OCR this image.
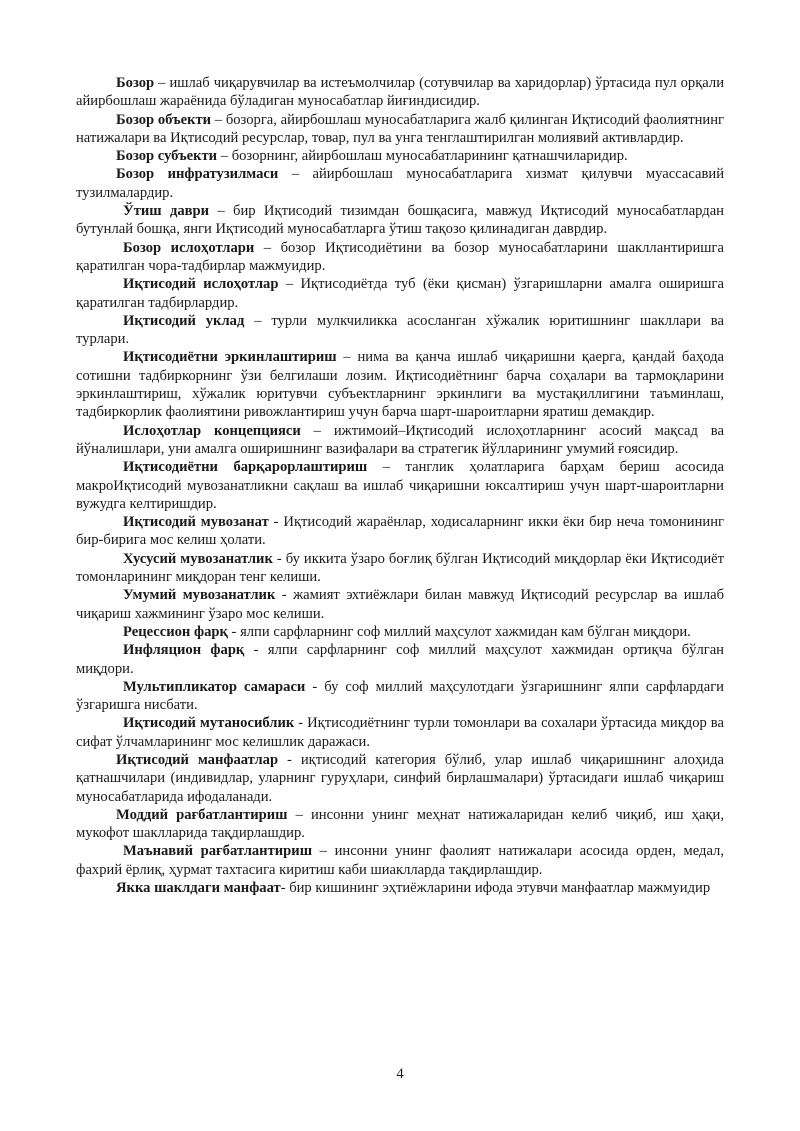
Бозор – ишлаб чиқарувчилар ва истеъмолчилар (сотувчилар ва харидорлар) ўртасида пул орқали айирбошлаш жараёнида бўладиган муносабатлар йиғиндисидир.

Бозор объекти – бозорга, айирбошлаш муносабатларига жалб қилинган Иқтисодий фаолиятнинг натижалари ва Иқтисодий ресурслар, товар, пул ва унга тенглаштирилган молиявий активлардир.

Бозор субъекти – бозорнинг, айирбошлаш муносабатларининг қатнашчиларидир.

Бозор инфратузилмаси – айирбошлаш муносабатларига хизмат қилувчи муассасавий тузилмалардир.

Ўтиш даври – бир Иқтисодий тизимдан бошқасига, мавжуд Иқтисодий муносабатлардан бутунлай бошқа, янги Иқтисодий муносабатларга ўтиш тақозо қилинадиган даврдир.

Бозор ислоҳотлари – бозор Иқтисодиётини ва бозор муносабатларини шакллантиришга қаратилган чора-тадбирлар мажмуидир.

Иқтисодий ислоҳотлар – Иқтисодиётда туб (ёки қисман) ўзгаришларни амалга оширишга қаратилган тадбирлардир.

Иқтисодий уклад – турли мулкчиликка асосланган хўжалик юритишнинг шакллари ва турлари.

Иқтисодиётни эркинлаштириш – нима ва қанча ишлаб чиқаришни қаерга, қандай баҳода сотишни тадбиркорнинг ўзи белгилаши лозим. Иқтисодиётнинг барча соҳалари ва тармоқларини эркинлаштириш, хўжалик юритувчи субъектларнинг эркинлиги ва мустақиллигини таъминлаш, тадбиркорлик фаолиятини ривожлантириш учун барча шарт-шароитларни яратиш демакдир.

Ислоҳотлар концепцияси – ижтимоий–Иқтисодий ислоҳотларнинг асосий мақсад ва йўналишлари, уни амалга оширишнинг вазифалари ва стратегик йўлларининг умумий ғоясидир.

Иқтисодиётни барқарорлаштириш – танглик ҳолатларига барҳам бериш асосида макроИқтисодий мувозанатликни сақлаш ва ишлаб чиқаришни юксалтириш учун шарт-шароитларни вужудга келтиришдир.

Иқтисодий мувозанат - Иқтисодий жараёнлар, ходисаларнинг икки ёки бир неча томонининг бир-бирига мос келиш ҳолати.

Хусусий мувозанатлик - бу иккита ўзаро боғлиқ бўлган Иқтисодий миқдорлар ёки Иқтисодиёт томонларининг миқдоран тенг келиши.

Умумий мувозанатлик - жамият эхтиёжлари билан мавжуд Иқтисодий ресурслар ва ишлаб чиқариш хажмининг ўзаро мос келиши.

Рецессион фарқ - ялпи сарфларнинг соф миллий маҳсулот хажмидан кам бўлган миқдори.

Инфляцион фарқ - ялпи сарфларнинг соф миллий маҳсулот хажмидан ортиқча бўлган миқдори.

Мультипликатор самараси - бу соф миллий маҳсулотдаги ўзгаришнинг ялпи сарфлардаги ўзгаришга нисбати.

Иқтисодий мутаносиблик - Иқтисодиётнинг турли томонлари ва сохалари ўртасида миқдор ва сифат ўлчамларининг мос келишлик даражаси.

Иқтисодий манфаатлар - иқтисодий категория бўлиб, улар ишлаб чиқаришнинг алоҳида қатнашчилари (индивидлар, уларнинг гуруҳлари, синфий бирлашмалари) ўртасидаги ишлаб чиқариш муносабатларида ифодаланади.

Моддий рағбатлантириш – инсонни унинг меҳнат натижаларидан келиб чиқиб, иш ҳақи, мукофот шаклларида тақдирлашдир.

Маънавий рағбатлантириш – инсонни унинг фаолият натижалари асосида орден, медал, фахрий ёрлиқ, ҳурмат тахтасига киритиш каби шиаклларда тақдирлашдир.

Якка шаклдаги манфаат- бир кишининг эҳтиёжларини ифода этувчи манфаатлар мажмуидир

4
